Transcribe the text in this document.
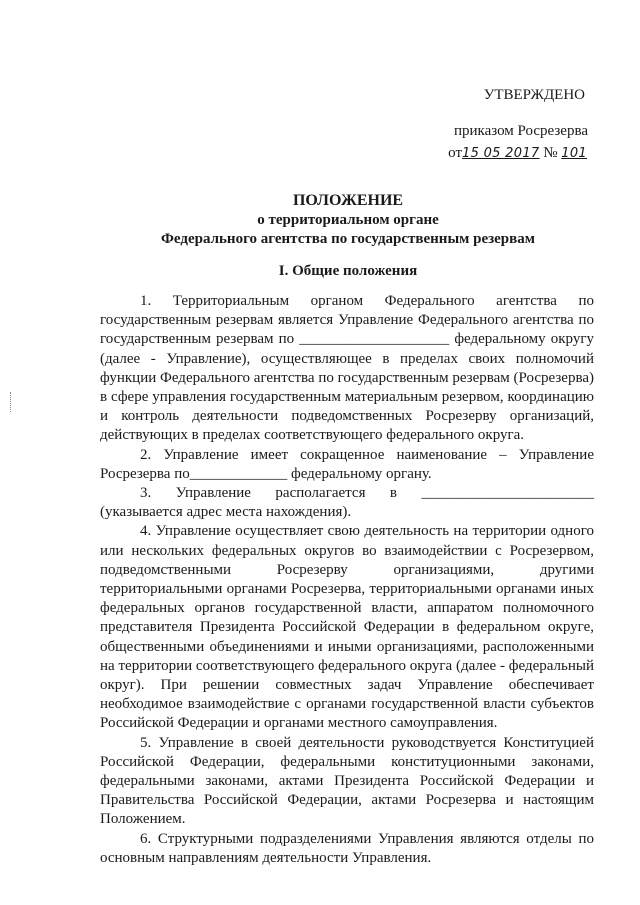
УТВЕРЖДЕНО
приказом Росрезерва
от15 05 2017 № 101
ПОЛОЖЕНИЕ
о территориальном органе
Федерального агентства по государственным резервам
I. Общие положения

1. Территориальным органом Федерального агентства по государственным резервам является Управление Федерального агентства по государственным резервам по ____________________ федеральному округу (далее - Управление), осуществляющее в пределах своих полномочий функции Федерального агентства по государственным резервам (Росрезерва) в сфере управления государственным материальным резервом, координацию и контроль деятельности подведомственных Росрезерву организаций, действующих в пределах соответствующего федерального округа.

2. Управление имеет сокращенное наименование – Управление Росрезерва по_____________ федеральному органу.

3. Управление располагается в _______________________ (указывается адрес места нахождения).

4. Управление осуществляет свою деятельность на территории одного или нескольких федеральных округов во взаимодействии с Росрезервом, подведомственными Росрезерву организациями, другими территориальными органами Росрезерва, территориальными органами иных федеральных органов государственной власти, аппаратом полномочного представителя Президента Российской Федерации в федеральном округе, общественными объединениями и иными организациями, расположенными на территории соответствующего федерального округа (далее - федеральный округ). При решении совместных задач Управление обеспечивает необходимое взаимодействие с органами государственной власти субъектов Российской Федерации и органами местного самоуправления.

5. Управление в своей деятельности руководствуется Конституцией Российской Федерации, федеральными конституционными законами, федеральными законами, актами Президента Российской Федерации и Правительства Российской Федерации, актами Росрезерва и настоящим Положением.

6. Структурными подразделениями Управления являются отделы по основным направлениям деятельности Управления.
